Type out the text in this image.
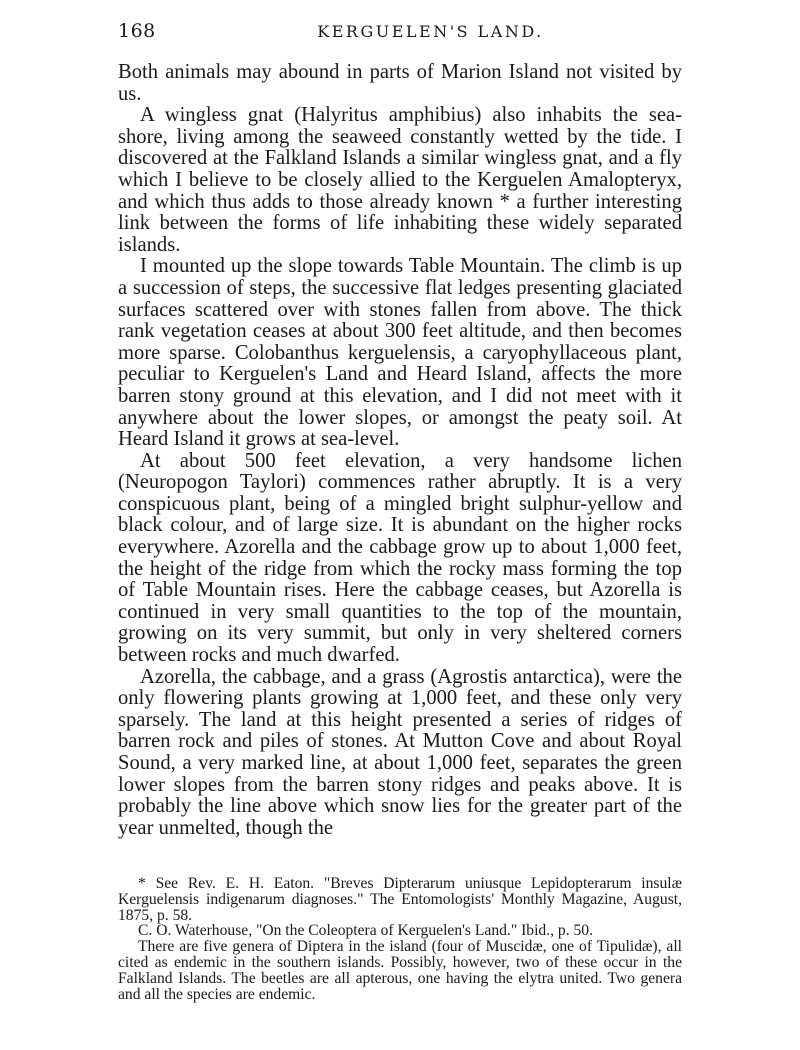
168	KERGUELEN'S LAND.

Both animals may abound in parts of Marion Island not visited by us.

A wingless gnat (Halyritus amphibius) also inhabits the sea-shore, living among the seaweed constantly wetted by the tide. I discovered at the Falkland Islands a similar wingless gnat, and a fly which I believe to be closely allied to the Kerguelen Amalopteryx, and which thus adds to those already known * a further interesting link between the forms of life inhabiting these widely separated islands.

I mounted up the slope towards Table Mountain. The climb is up a succession of steps, the successive flat ledges presenting glaciated surfaces scattered over with stones fallen from above. The thick rank vegetation ceases at about 300 feet altitude, and then becomes more sparse. Colobanthus kerguelensis, a caryophyllaceous plant, peculiar to Kerguelen's Land and Heard Island, affects the more barren stony ground at this elevation, and I did not meet with it anywhere about the lower slopes, or amongst the peaty soil. At Heard Island it grows at sea-level.

At about 500 feet elevation, a very handsome lichen (Neuropogon Taylori) commences rather abruptly. It is a very conspicuous plant, being of a mingled bright sulphur-yellow and black colour, and of large size. It is abundant on the higher rocks everywhere. Azorella and the cabbage grow up to about 1,000 feet, the height of the ridge from which the rocky mass forming the top of Table Mountain rises. Here the cabbage ceases, but Azorella is continued in very small quantities to the top of the mountain, growing on its very summit, but only in very sheltered corners between rocks and much dwarfed.

Azorella, the cabbage, and a grass (Agrostis antarctica), were the only flowering plants growing at 1,000 feet, and these only very sparsely. The land at this height presented a series of ridges of barren rock and piles of stones. At Mutton Cove and about Royal Sound, a very marked line, at about 1,000 feet, separates the green lower slopes from the barren stony ridges and peaks above. It is probably the line above which snow lies for the greater part of the year unmelted, though the

* See Rev. E. H. Eaton. "Breves Dipterarum uniusque Lepidopterarum insulæ Kerguelensis indigenarum diagnoses." The Entomologists' Monthly Magazine, August, 1875, p. 58.

C. O. Waterhouse, "On the Coleoptera of Kerguelen's Land." Ibid., p. 50.

There are five genera of Diptera in the island (four of Muscidæ, one of Tipulidæ), all cited as endemic in the southern islands. Possibly, however, two of these occur in the Falkland Islands. The beetles are all apterous, one having the elytra united. Two genera and all the species are endemic.
